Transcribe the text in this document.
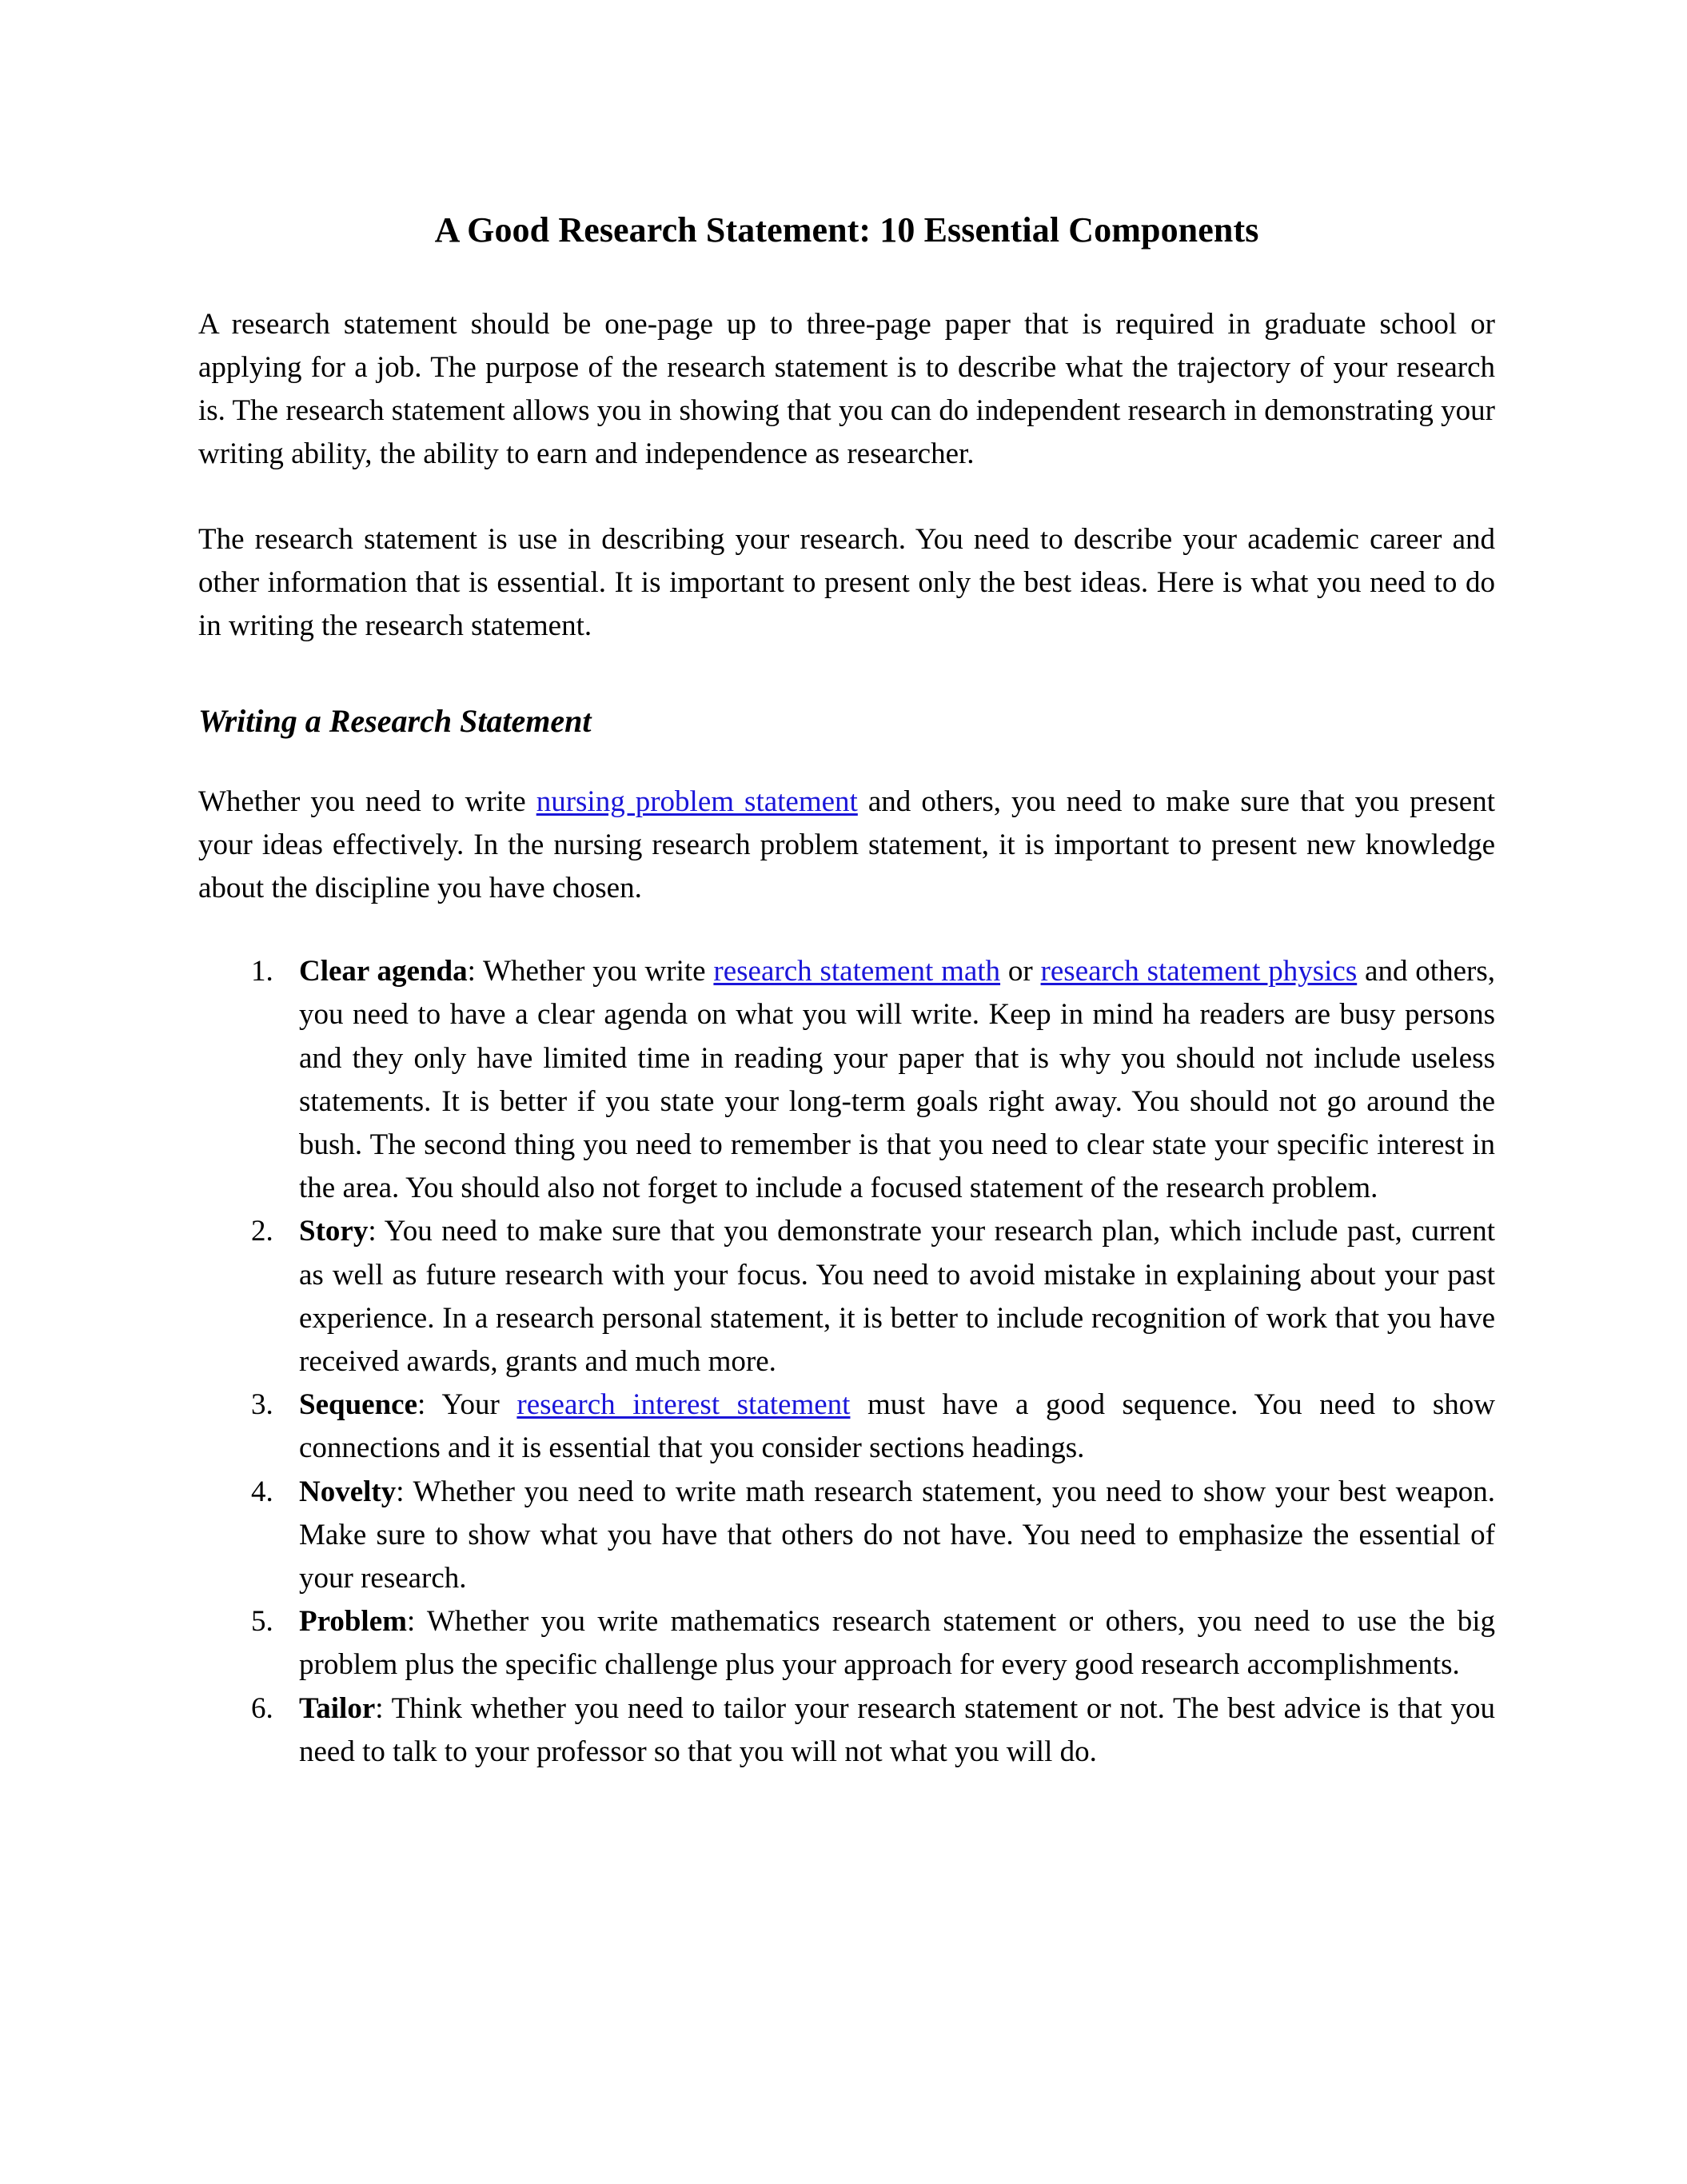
A Good Research Statement: 10 Essential Components

A research statement should be one-page up to three-page paper that is required in graduate school or applying for a job. The purpose of the research statement is to describe what the trajectory of your research is. The research statement allows you in showing that you can do independent research in demonstrating your writing ability, the ability to earn and independence as researcher.

The research statement is use in describing your research. You need to describe your academic career and other information that is essential. It is important to present only the best ideas. Here is what you need to do in writing the research statement.

Writing a Research Statement

Whether you need to write nursing problem statement and others, you need to make sure that you present your ideas effectively. In the nursing research problem statement, it is important to present new knowledge about the discipline you have chosen.

Clear agenda: Whether you write research statement math or research statement physics and others, you need to have a clear agenda on what you will write. Keep in mind ha readers are busy persons and they only have limited time in reading your paper that is why you should not include useless statements. It is better if you state your long-term goals right away. You should not go around the bush. The second thing you need to remember is that you need to clear state your specific interest in the area. You should also not forget to include a focused statement of the research problem.
Story: You need to make sure that you demonstrate your research plan, which include past, current as well as future research with your focus. You need to avoid mistake in explaining about your past experience. In a research personal statement, it is better to include recognition of work that you have received awards, grants and much more.
Sequence: Your research interest statement must have a good sequence. You need to show connections and it is essential that you consider sections headings.
Novelty: Whether you need to write math research statement, you need to show your best weapon. Make sure to show what you have that others do not have. You need to emphasize the essential of your research.
Problem: Whether you write mathematics research statement or others, you need to use the big problem plus the specific challenge plus your approach for every good research accomplishments.
Tailor: Think whether you need to tailor your research statement or not. The best advice is that you need to talk to your professor so that you will not what you will do.
